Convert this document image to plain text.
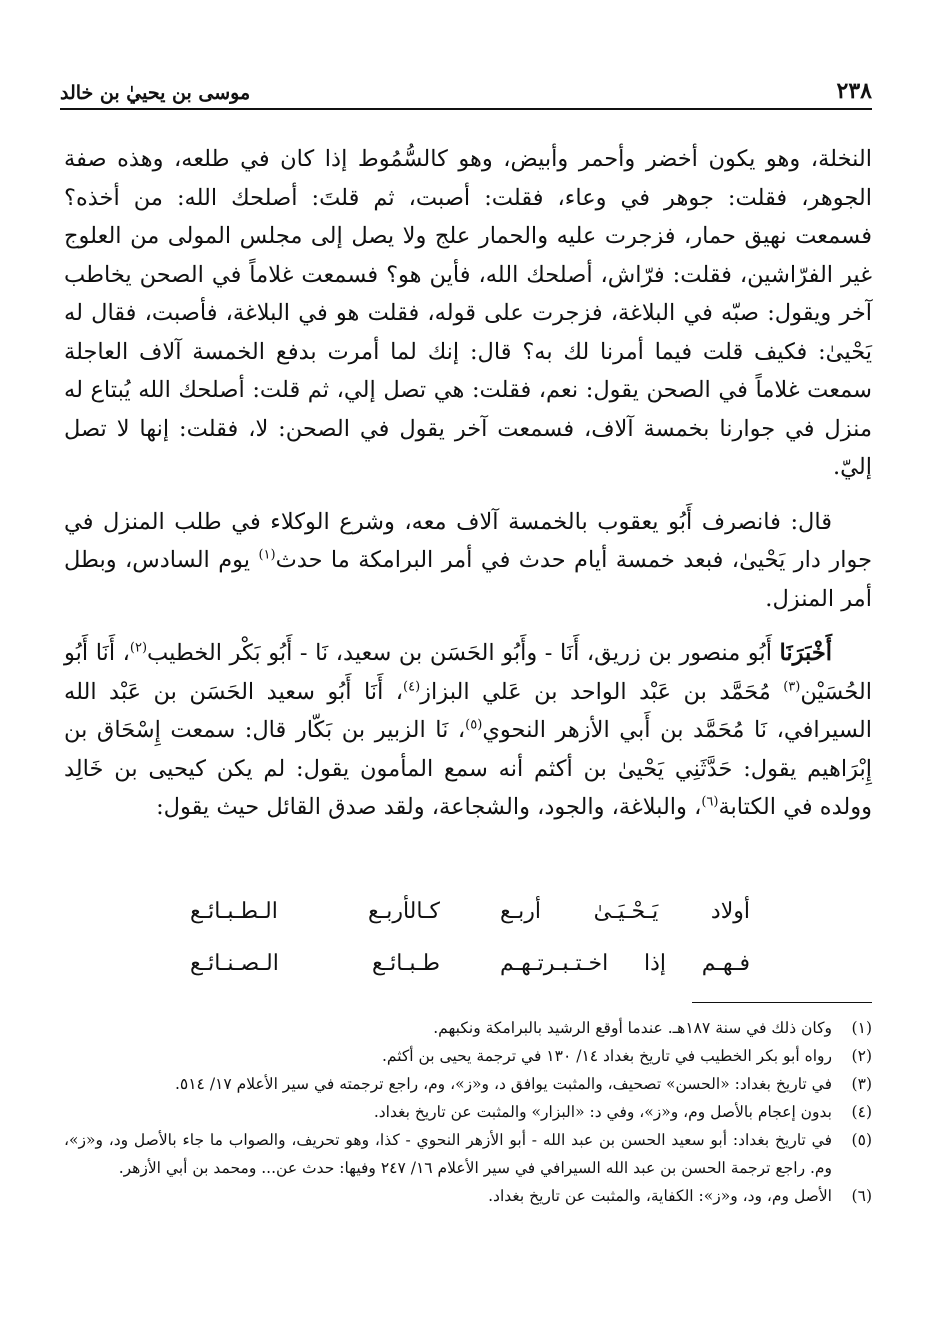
٢٣٨
موسى بن يحييٰ بن خالد

النخلة، وهو يكون أخضر وأحمر وأبيض، وهو كالسُّمُوط إذا كان في طلعه، وهذه صفة الجوهر، فقلت: جوهر في وعاء، فقلت: أصبت، ثم قلتَ: أصلحك الله: من أخذه؟ فسمعت نهيق حمار، فزجرت عليه والحمار علج ولا يصل إلى مجلس المولى من العلوج غير الفرّاشين، فقلت: فرّاش، أصلحك الله، فأين هو؟ فسمعت غلاماً في الصحن يخاطب آخر ويقول: صبّه في البلاغة، فزجرت على قوله، فقلت هو في البلاغة، فأصبت، فقال له يَحْيىٰ: فكيف قلت فيما أمرنا لك به؟ قال: إنك لما أمرت بدفع الخمسة آلاف العاجلة سمعت غلاماً في الصحن يقول: نعم، فقلت: هي تصل إلي، ثم قلت: أصلحك الله يُبتاع له منزل في جوارنا بخمسة آلاف، فسمعت آخر يقول في الصحن: لا، فقلت: إنها لا تصل إليّ.

قال: فانصرف أَبُو يعقوب بالخمسة آلاف معه، وشرع الوكلاء في طلب المنزل في جوار دار يَحْيىٰ، فبعد خمسة أيام حدث في أمر البرامكة ما حدث$^{(١)}$ يوم السادس، وبطل أمر المنزل.

أَخْبَرَنَا أَبُو منصور بن زريق، أَنَا - وأَبُو الحَسَن بن سعيد، نَا - أَبُو بَكْر الخطيب$^{(٢)}$، أَنَا أَبُو الحُسَيْن$^{(٣)}$ مُحَمَّد بن عَبْد الواحد بن عَلي البزاز$^{(٤)}$، أَنَا أَبُو سعيد الحَسَن بن عَبْد الله السيرافي، نَا مُحَمَّد بن أَبي الأزهر النحوي$^{(٥)}$، نَا الزبير بن بَكّار قال: سمعت إِسْحَاق بن إِبْرَاهيم يقول: حَدَّثَنِي يَحْيىٰ بن أكثم أنه سمع المأمون يقول: لم يكن كيحيى بن خَالِد وولده في الكتابة$^{(٦)}$، والبلاغة، والجود، والشجاعة، ولقد صدق القائل حيث يقول:

أولاد يَـحْـيَـىٰ أربـع
كـالأربـع الـطـبـائـع
فـهـم إذا اخـتـبـرتـهـم
طـبـائـع الـصـنـائـع
(١)
وكان ذلك في سنة ١٨٧هـ. عندما أوقع الرشيد بالبرامكة ونكبهم.
(٢)
رواه أبو بكر الخطيب في تاريخ بغداد ١٤/ ١٣٠ في ترجمة يحيى بن أكثم.
(٣)
في تاريخ بغداد: «الحسن» تصحيف، والمثبت يوافق د، و«ز»، وم، راجع ترجمته في سير الأعلام ١٧/ ٥١٤.
(٤)
بدون إعجام بالأصل وم، و«ز»، وفي د: «البزار» والمثبت عن تاريخ بغداد.
(٥)
في تاريخ بغداد: أبو سعيد الحسن بن عبد الله - أبو الأزهر النحوي - كذا، وهو تحريف، والصواب ما جاء بالأصل ود، و«ز»، وم. راجع ترجمة الحسن بن عبد الله السيرافي في سير الأعلام ١٦/ ٢٤٧ وفيها: حدث عن... ومحمد بن أبي الأزهر.
(٦)
الأصل وم، ود، و«ز»: الكفاية، والمثبت عن تاريخ بغداد.
